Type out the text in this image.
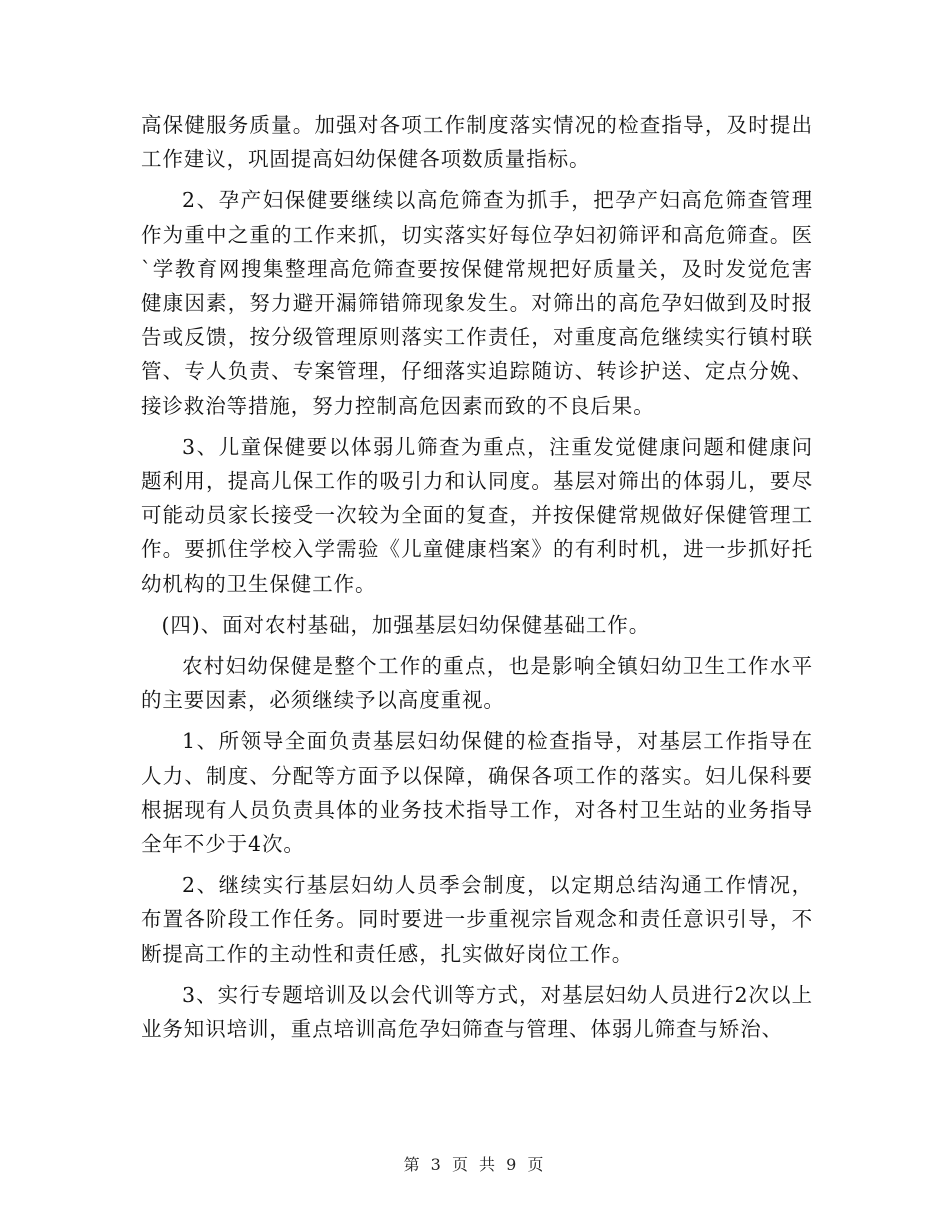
高保健服务质量。加强对各项工作制度落实情况的检查指导，及时提出工作建议，巩固提高妇幼保健各项数质量指标。

2、孕产妇保健要继续以高危筛查为抓手，把孕产妇高危筛查管理作为重中之重的工作来抓，切实落实好每位孕妇初筛评和高危筛查。医`学教育网搜集整理高危筛查要按保健常规把好质量关，及时发觉危害健康因素，努力避开漏筛错筛现象发生。对筛出的高危孕妇做到及时报告或反馈，按分级管理原则落实工作责任，对重度高危继续实行镇村联管、专人负责、专案管理，仔细落实追踪随访、转诊护送、定点分娩、接诊救治等措施，努力控制高危因素而致的不良后果。

3、儿童保健要以体弱儿筛查为重点，注重发觉健康问题和健康问题利用，提高儿保工作的吸引力和认同度。基层对筛出的体弱儿，要尽可能动员家长接受一次较为全面的复查，并按保健常规做好保健管理工作。要抓住学校入学需验《儿童健康档案》的有利时机，进一步抓好托幼机构的卫生保健工作。

(四)、面对农村基础，加强基层妇幼保健基础工作。

农村妇幼保健是整个工作的重点，也是影响全镇妇幼卫生工作水平的主要因素，必须继续予以高度重视。

1、所领导全面负责基层妇幼保健的检查指导，对基层工作指导在人力、制度、分配等方面予以保障，确保各项工作的落实。妇儿保科要根据现有人员负责具体的业务技术指导工作，对各村卫生站的业务指导全年不少于4次。

2、继续实行基层妇幼人员季会制度，以定期总结沟通工作情况，布置各阶段工作任务。同时要进一步重视宗旨观念和责任意识引导，不断提高工作的主动性和责任感，扎实做好岗位工作。

3、实行专题培训及以会代训等方式，对基层妇幼人员进行2次以上业务知识培训，重点培训高危孕妇筛查与管理、体弱儿筛查与矫治、

第 3 页 共 9 页
